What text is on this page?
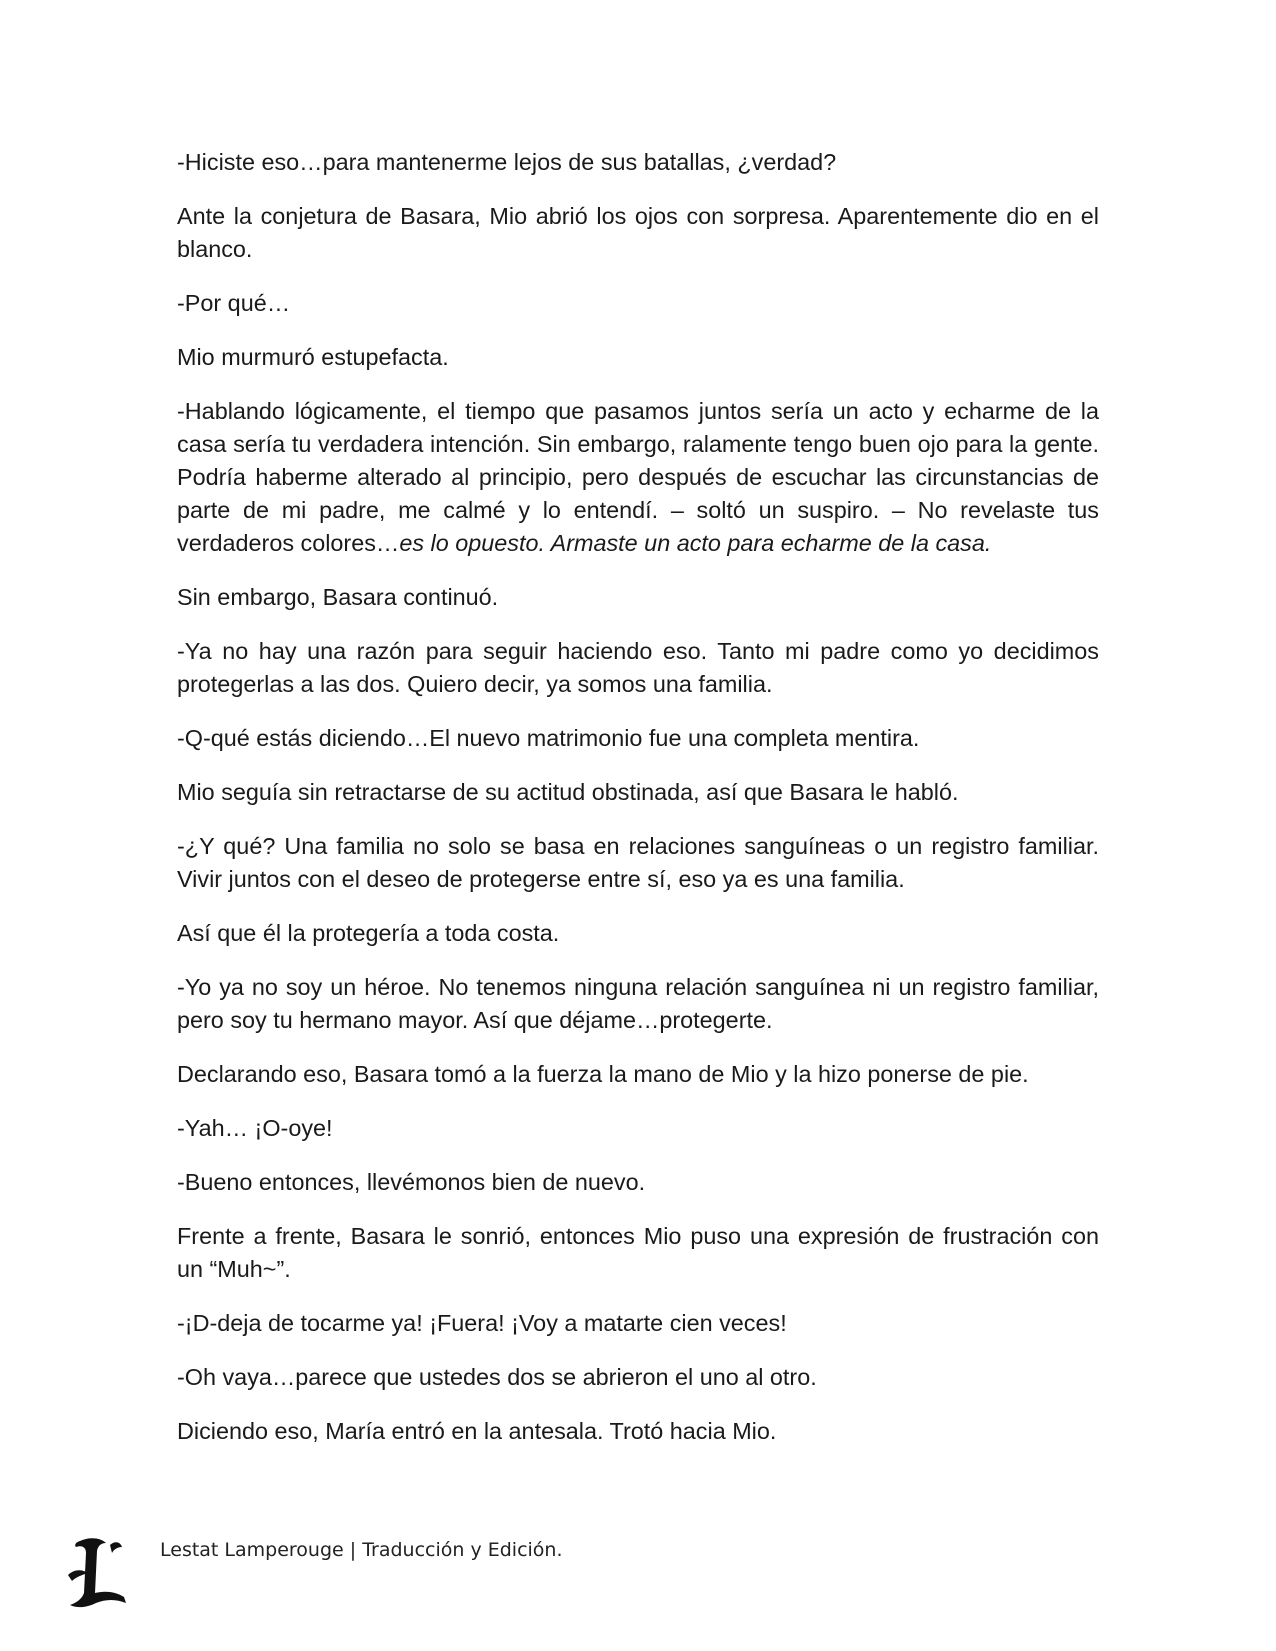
-Hiciste eso…para mantenerme lejos de sus batallas, ¿verdad?

Ante la conjetura de Basara, Mio abrió los ojos con sorpresa. Aparentemente dio en el blanco.

-Por qué…

Mio murmuró estupefacta.

-Hablando lógicamente, el tiempo que pasamos juntos sería un acto y echarme de la casa sería tu verdadera intención. Sin embargo, ralamente tengo buen ojo para la gente. Podría haberme alterado al principio, pero después de escuchar las circunstancias de parte de mi padre, me calmé y lo entendí. – soltó un suspiro. – No revelaste tus verdaderos colores…es lo opuesto. Armaste un acto para echarme de la casa.

Sin embargo, Basara continuó.

-Ya no hay una razón para seguir haciendo eso. Tanto mi padre como yo decidimos protegerlas a las dos. Quiero decir, ya somos una familia.

-Q-qué estás diciendo…El nuevo matrimonio fue una completa mentira.

Mio seguía sin retractarse de su actitud obstinada, así que Basara le habló.

-¿Y qué? Una familia no solo se basa en relaciones sanguíneas o un registro familiar. Vivir juntos con el deseo de protegerse entre sí, eso ya es una familia.

Así que él la protegería a toda costa.

-Yo ya no soy un héroe. No tenemos ninguna relación sanguínea ni un registro familiar, pero soy tu hermano mayor. Así que déjame…protegerte.

Declarando eso, Basara tomó a la fuerza la mano de Mio y la hizo ponerse de pie.

-Yah… ¡O-oye!

-Bueno entonces, llevémonos bien de nuevo.

Frente a frente, Basara le sonrió, entonces Mio puso una expresión de frustración con un “Muh~”.

-¡D-deja de tocarme ya! ¡Fuera! ¡Voy a matarte cien veces!

-Oh vaya…parece que ustedes dos se abrieron el uno al otro.

Diciendo eso, María entró en la antesala. Trotó hacia Mio.

Lestat Lamperouge | Traducción y Edición.
